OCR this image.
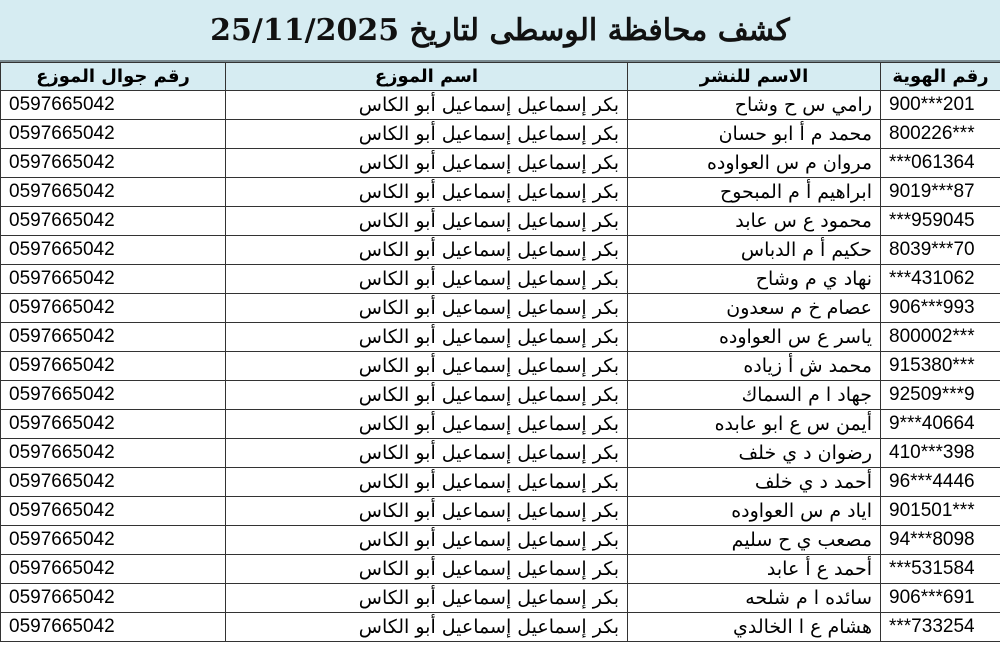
كشف محافظة الوسطى لتاريخ 25/11/2025
رقم جوال الموزع	اسم الموزع	الاسم للنشر	رقم الهوية
0597665042	بكر إسماعيل إسماعيل أبو الكاس	رامي س ح وشاح	900***201
0597665042	بكر إسماعيل إسماعيل أبو الكاس	محمد م أ ابو حسان	800226***
0597665042	بكر إسماعيل إسماعيل أبو الكاس	مروان م س العواوده	***061364
0597665042	بكر إسماعيل إسماعيل أبو الكاس	ابراهيم أ م المبحوح	9019***87
0597665042	بكر إسماعيل إسماعيل أبو الكاس	محمود ع س عابد	***959045
0597665042	بكر إسماعيل إسماعيل أبو الكاس	حكيم أ م الدباس	8039***70
0597665042	بكر إسماعيل إسماعيل أبو الكاس	نهاد ي م وشاح	***431062
0597665042	بكر إسماعيل إسماعيل أبو الكاس	عصام خ م سعدون	906***993
0597665042	بكر إسماعيل إسماعيل أبو الكاس	ياسر ع س العواوده	800002***
0597665042	بكر إسماعيل إسماعيل أبو الكاس	محمد ش أ زياده	915380***
0597665042	بكر إسماعيل إسماعيل أبو الكاس	جهاد ا م السماك	92509***9
0597665042	بكر إسماعيل إسماعيل أبو الكاس	أيمن س ع ابو عابده	9***40664
0597665042	بكر إسماعيل إسماعيل أبو الكاس	رضوان د ي خلف	410***398
0597665042	بكر إسماعيل إسماعيل أبو الكاس	أحمد د ي خلف	96***4446
0597665042	بكر إسماعيل إسماعيل أبو الكاس	اياد م س العواوده	901501***
0597665042	بكر إسماعيل إسماعيل أبو الكاس	مصعب ي ح سليم	94***8098
0597665042	بكر إسماعيل إسماعيل أبو الكاس	أحمد ع أ عابد	***531584
0597665042	بكر إسماعيل إسماعيل أبو الكاس	سائده ا م شلحه	906***691
0597665042	بكر إسماعيل إسماعيل أبو الكاس	هشام ع ا الخالدي	***733254
